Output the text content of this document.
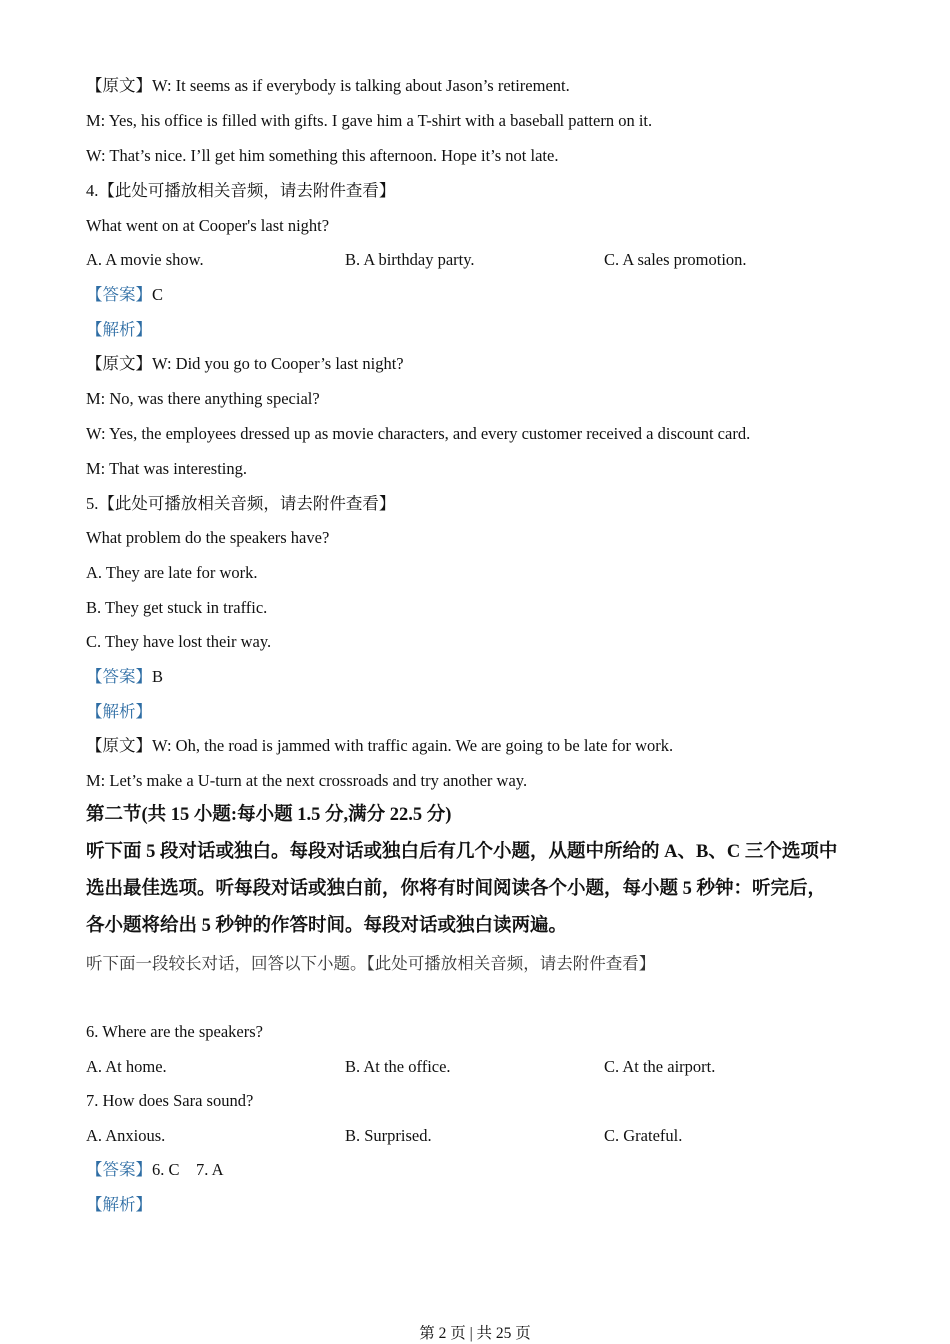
【原文】W: It seems as if everybody is talking about Jason’s retirement.
M: Yes, his office is filled with gifts. I gave him a T-shirt with a baseball pattern on it.
W: That’s nice. I’ll get him something this afternoon. Hope it’s not late.
4.【此处可播放相关音频，请去附件查看】
What went on at Cooper's last night?
A. A movie show.	B. A birthday party.	C. A sales promotion.
【答案】C
【解析】
【原文】W: Did you go to Cooper’s last night?
M: No, was there anything special?
W: Yes, the employees dressed up as movie characters, and every customer received a discount card.
M: That was interesting.
5.【此处可播放相关音频，请去附件查看】
What problem do the speakers have?
A. They are late for work.
B. They get stuck in traffic.
C. They have lost their way.
【答案】B
【解析】
【原文】W: Oh, the road is jammed with traffic again. We are going to be late for work.
M: Let’s make a U-turn at the next crossroads and try another way.
第二节(共 15 小题:每小题 1.5 分,满分 22.5 分)
听下面 5 段对话或独白。每段对话或独白后有几个小题，从题中所给的 A、B、C 三个选项中
选出最佳选项。听每段对话或独白前，你将有时间阅读各个小题，每小题 5 秒钟：听完后，
各小题将给出 5 秒钟的作答时间。每段对话或独白读两遍。
听下面一段较长对话，回答以下小题。【此处可播放相关音频，请去附件查看】
6. Where are the speakers?
A. At home.	B. At the office.	C. At the airport.
7. How does Sara sound?
A. Anxious.	B. Surprised.	C. Grateful.
【答案】6. C　7. A
【解析】
第 2 页 | 共 25 页
